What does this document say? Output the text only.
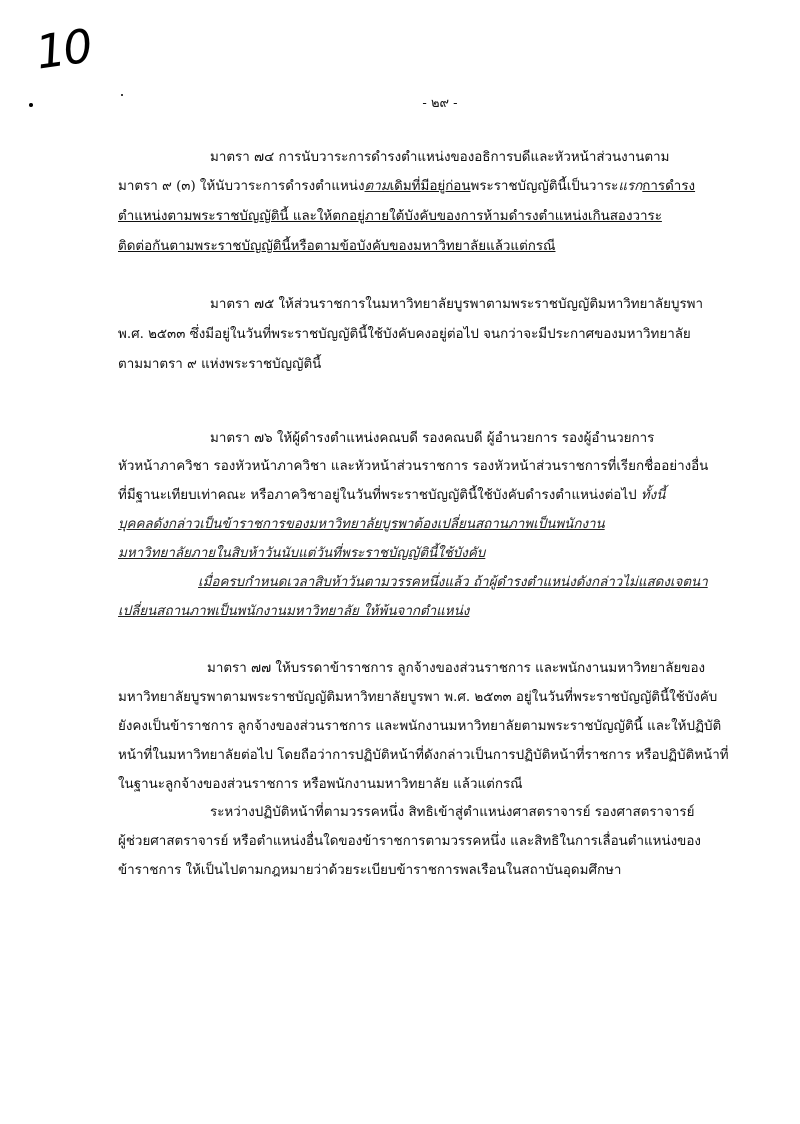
10
- ๒๙ -
มาตรา ๗๔ การนับวาระการดำรงตำแหน่งของอธิการบดีและหัวหน้าส่วนงานตาม
มาตรา ๙ (๓) ให้นับวาระการดำรงตำแหน่งตามเดิมที่มีอยู่ก่อนพระราชบัญญัตินี้เป็นวาระแรกการดำรง
ตำแหน่งตามพระราชบัญญัตินี้ และให้ตกอยู่ภายใต้บังคับของการห้ามดำรงตำแหน่งเกินสองวาระ
ติดต่อกันตามพระราชบัญญัตินี้หรือตามข้อบังคับของมหาวิทยาลัยแล้วแต่กรณี
มาตรา ๗๕ ให้ส่วนราชการในมหาวิทยาลัยบูรพาตามพระราชบัญญัติมหาวิทยาลัยบูรพา
พ.ศ. ๒๕๓๓ ซึ่งมีอยู่ในวันที่พระราชบัญญัตินี้ใช้บังคับคงอยู่ต่อไป จนกว่าจะมีประกาศของมหาวิทยาลัย
ตามมาตรา ๙ แห่งพระราชบัญญัตินี้
มาตรา ๗๖ ให้ผู้ดำรงตำแหน่งคณบดี รองคณบดี ผู้อำนวยการ รองผู้อำนวยการ
หัวหน้าภาควิชา รองหัวหน้าภาควิชา และหัวหน้าส่วนราชการ รองหัวหน้าส่วนราชการที่เรียกชื่ออย่างอื่น
ที่มีฐานะเทียบเท่าคณะ หรือภาควิชาอยู่ในวันที่พระราชบัญญัตินี้ใช้บังคับดำรงตำแหน่งต่อไป ทั้งนี้
บุคคลดังกล่าวเป็นข้าราชการของมหาวิทยาลัยบูรพาต้องเปลี่ยนสถานภาพเป็นพนักงาน
มหาวิทยาลัยภายในสิบห้าวันนับแต่วันที่พระราชบัญญัตินี้ใช้บังคับ
เมื่อครบกำหนดเวลาสิบห้าวันตามวรรคหนึ่งแล้ว ถ้าผู้ดำรงตำแหน่งดังกล่าวไม่แสดงเจตนา
เปลี่ยนสถานภาพเป็นพนักงานมหาวิทยาลัย ให้พ้นจากตำแหน่ง
มาตรา ๗๗ ให้บรรดาข้าราชการ ลูกจ้างของส่วนราชการ และพนักงานมหาวิทยาลัยของ
มหาวิทยาลัยบูรพาตามพระราชบัญญัติมหาวิทยาลัยบูรพา พ.ศ. ๒๕๓๓ อยู่ในวันที่พระราชบัญญัตินี้ใช้บังคับ
ยังคงเป็นข้าราชการ ลูกจ้างของส่วนราชการ และพนักงานมหาวิทยาลัยตามพระราชบัญญัตินี้ และให้ปฏิบัติ
หน้าที่ในมหาวิทยาลัยต่อไป โดยถือว่าการปฏิบัติหน้าที่ดังกล่าวเป็นการปฏิบัติหน้าที่ราชการ หรือปฏิบัติหน้าที่
ในฐานะลูกจ้างของส่วนราชการ หรือพนักงานมหาวิทยาลัย แล้วแต่กรณี
ระหว่างปฏิบัติหน้าที่ตามวรรคหนึ่ง สิทธิเข้าสู่ตำแหน่งศาสตราจารย์ รองศาสตราจารย์
ผู้ช่วยศาสตราจารย์ หรือตำแหน่งอื่นใดของข้าราชการตามวรรคหนึ่ง และสิทธิในการเลื่อนตำแหน่งของ
ข้าราชการ ให้เป็นไปตามกฎหมายว่าด้วยระเบียบข้าราชการพลเรือนในสถาบันอุดมศึกษา
